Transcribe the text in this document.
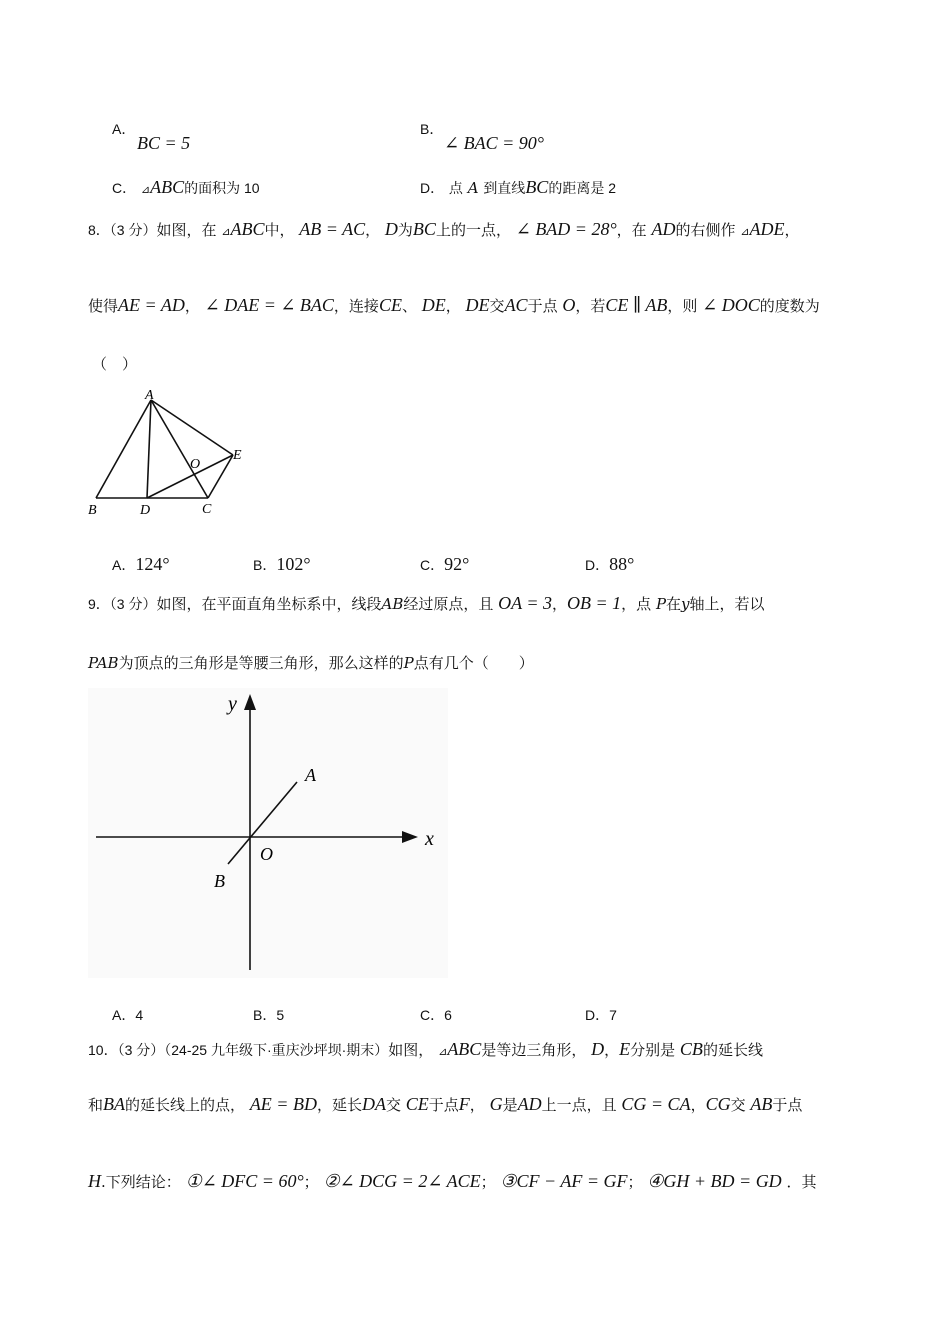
A．
BC = 5
B．
∠ BAC = 90°
C． ⊿ABC的面积为 10	D． 点 A 到直线BC的距离是 2
8．（3 分）如图，在 ⊿ABC中， AB = AC， D为BC上的一点， ∠ BAD = 28°，在 AD的右侧作 ⊿ADE，
使得AE = AD， ∠ DAE = ∠ BAC，连接CE、 DE， DE交AC于点 O，若CE ∥ AB，则 ∠ DOC的度数为
（　）
A
B	C
D
E
O
A．124°	B．102°	C．92°	D．88°
9．（3 分）如图，在平面直角坐标系中，线段AB经过原点，且 OA = 3，OB = 1，点 P在y轴上，若以
PAB为顶点的三角形是等腰三角形，那么这样的P点有几个（　　）
x
y
A
B
O
A．4	B．5	C．6	D．7
10．（3 分）（24-25 九年级下·重庆沙坪坝·期末）如图， ⊿ABC是等边三角形， D，E分别是 CB的延长线
和BA的延长线上的点， AE = BD，延长DA交 CE于点F， G是AD上一点，且 CG = CA，CG交 AB于点
H.下列结论： ①∠ DFC = 60°； ②∠ DCG = 2∠ ACE； ③CF − AF = GF； ④GH + BD = GD ．其
